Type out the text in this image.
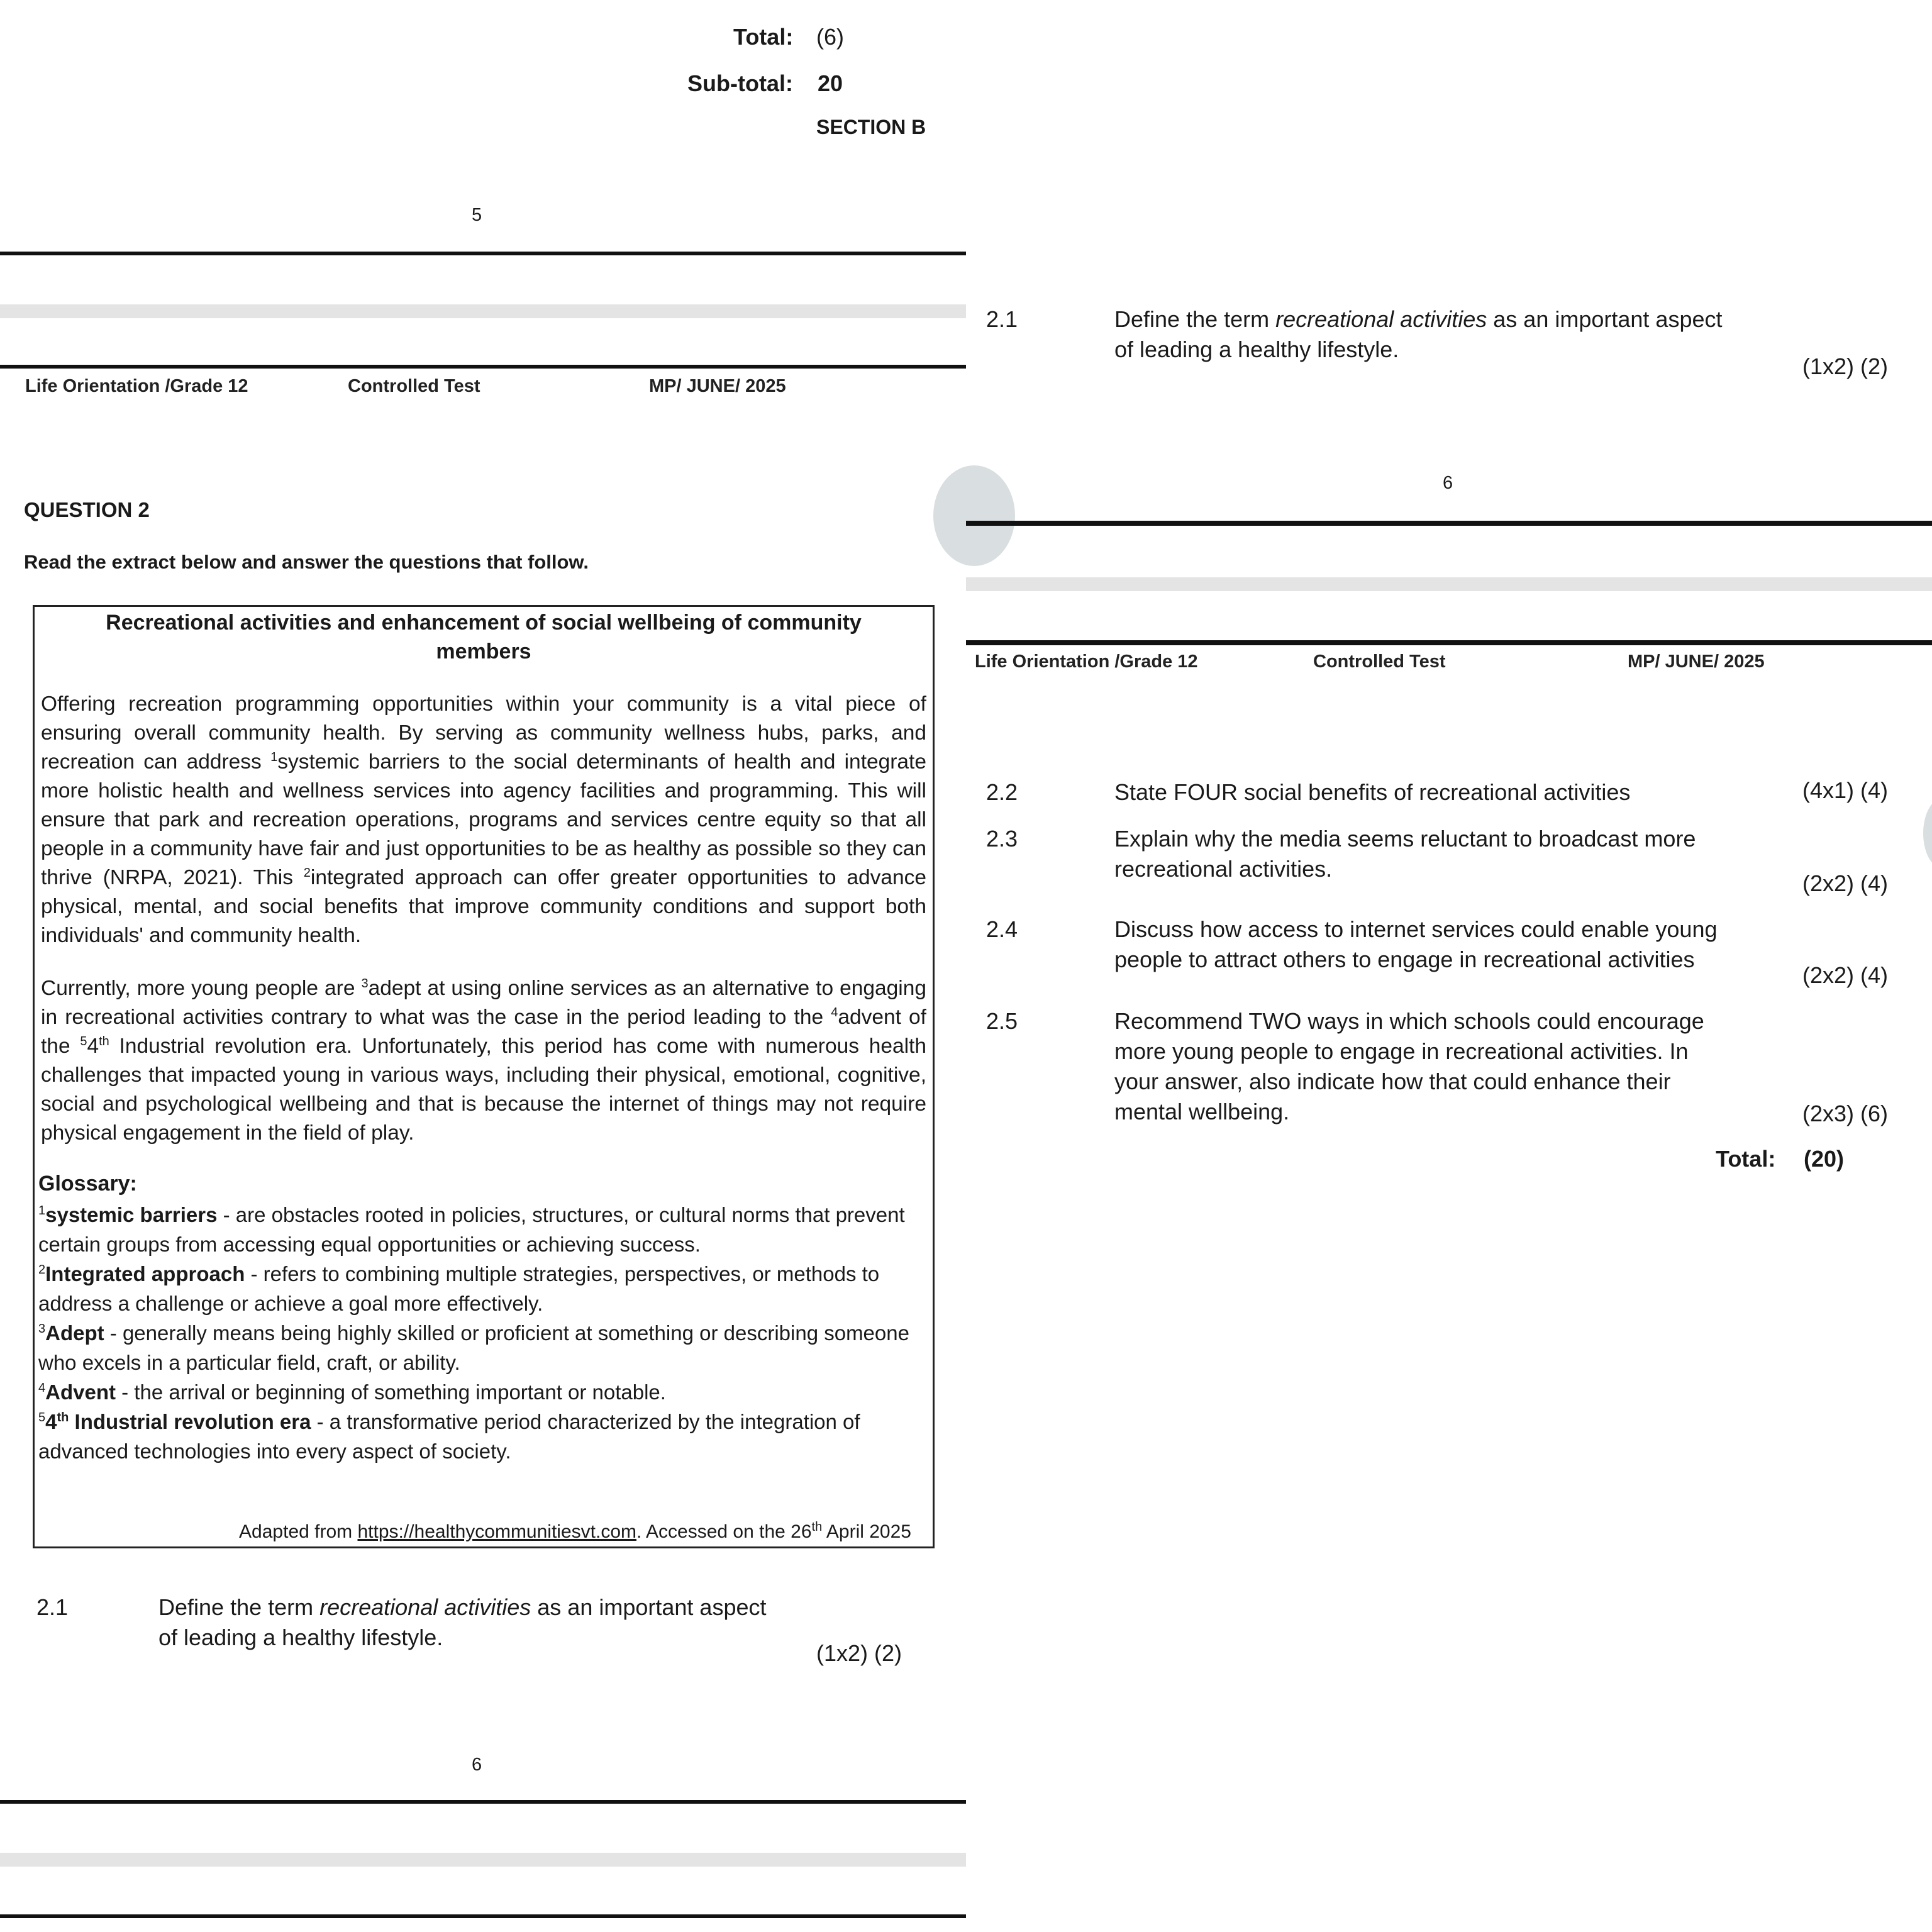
Total: (6)
Sub-total: 20
SECTION B
5
Life Orientation /Grade 12	Controlled Test	MP/ JUNE/ 2025
QUESTION 2
Read the extract below and answer the questions that follow.
Recreational activities and enhancement of social wellbeing of community
members

Offering recreation programming opportunities within your community is a vital piece of ensuring overall community health. By serving as community wellness hubs, parks, and recreation can address $^1$systemic barriers to the social determinants of health and integrate more holistic health and wellness services into agency facilities and programming. This will ensure that park and recreation operations, programs and services centre equity so that all people in a community have fair and just opportunities to be as healthy as possible so they can thrive (NRPA, 2021). This $^2$integrated approach can offer greater opportunities to advance physical, mental, and social benefits that improve community conditions and support both individuals' and community health.

Currently, more young people are $^3$adept at using online services as an alternative to engaging in recreational activities contrary to what was the case in the period leading to the $^4$advent of the $^5$4th Industrial revolution era. Unfortunately, this period has come with numerous health challenges that impacted young in various ways, including their physical, emotional, cognitive, social and psychological wellbeing and that is because the internet of things may not require physical engagement in the field of play.

Glossary:
$^1$systemic barriers - are obstacles rooted in policies, structures, or cultural norms that prevent certain groups from accessing equal opportunities or achieving success.
$^2$Integrated approach - refers to combining multiple strategies, perspectives, or methods to address a challenge or achieve a goal more effectively.
$^3$Adept - generally means being highly skilled or proficient at something or describing someone who excels in a particular field, craft, or ability.
$^4$Advent - the arrival or beginning of something important or notable.
$^5$4th Industrial revolution era - a transformative period characterized by the integration of advanced technologies into every aspect of society.
Adapted from https://healthycommunitiesvt.com. Accessed on the 26th April 2025
2.1	Define the term recreational activities as an important aspect
of leading a healthy lifestyle.
(1x2) (2)
6
2.1	Define the term recreational activities as an important aspect
of leading a healthy lifestyle.
(1x2) (2)
6
Life Orientation /Grade 12	Controlled Test	MP/ JUNE/ 2025
2.2	State FOUR social benefits of recreational activities	(4x1) (4)
2.3	Explain why the media seems reluctant to broadcast more
recreational activities.
(2x2) (4)
2.4	Discuss how access to internet services could enable young
people to attract others to engage in recreational activities
(2x2) (4)
2.5	Recommend TWO ways in which schools could encourage
more young people to engage in recreational activities. In
your answer, also indicate how that could enhance their
mental wellbeing.	(2x3) (6)
Total: (20)
